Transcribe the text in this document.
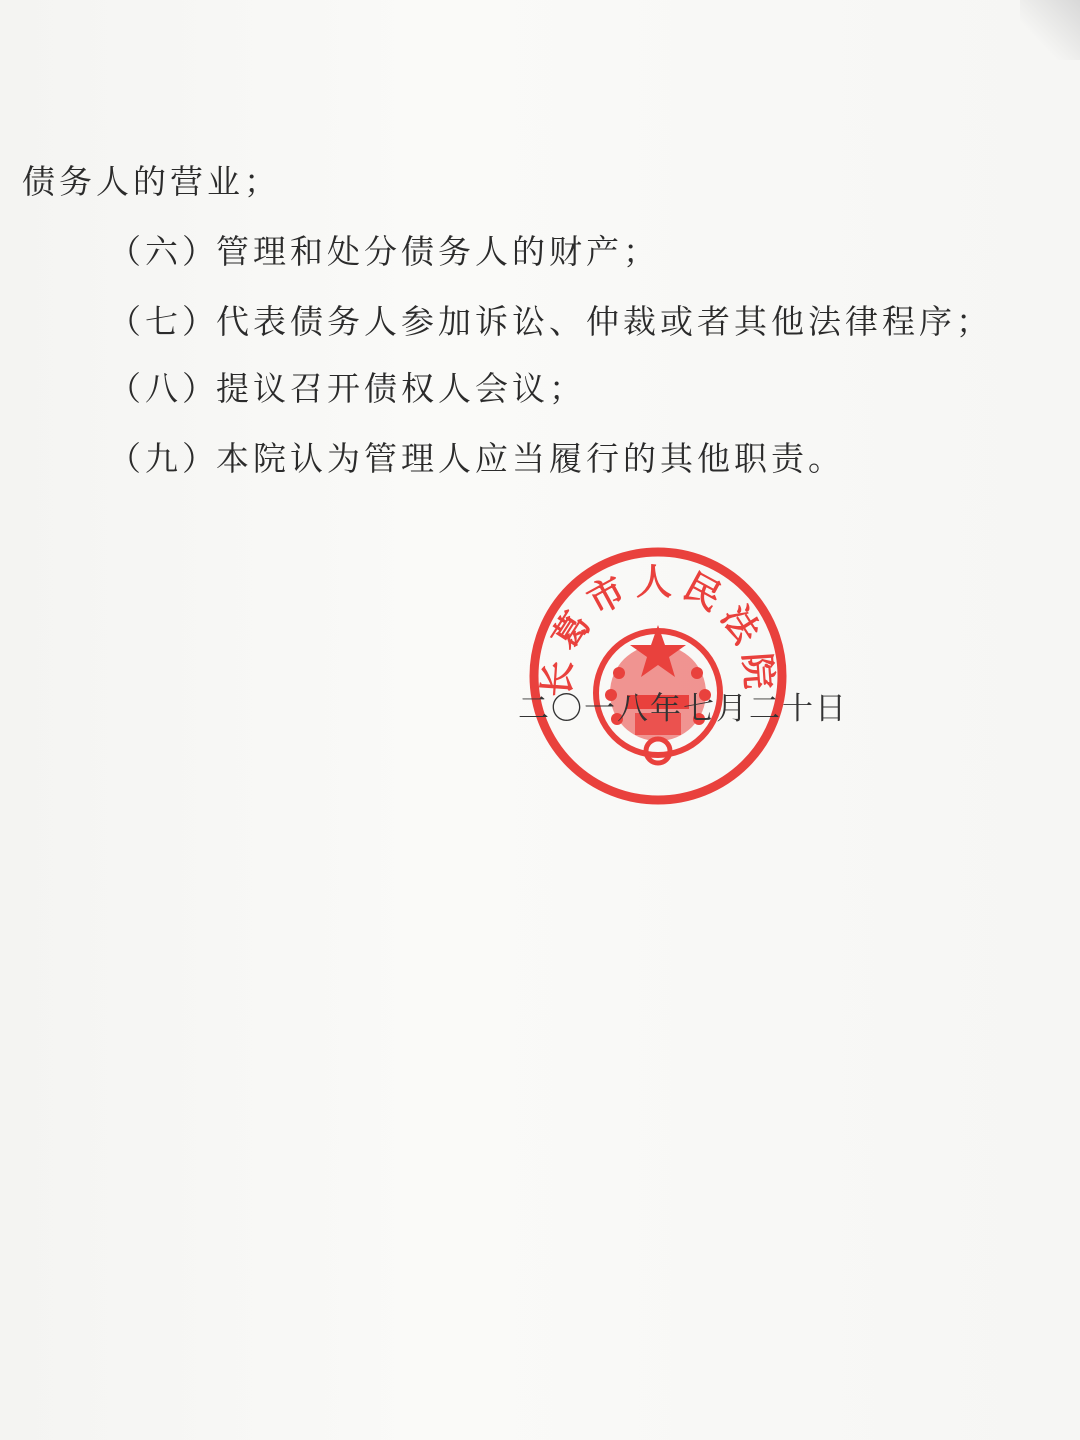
债务人的营业；
（六）管理和处分债务人的财产；
（七）代表债务人参加诉讼、仲裁或者其他法律程序；
（八）提议召开债权人会议；
（九）本院认为管理人应当履行的其他职责。
长葛市人民法院
二〇一八年七月二十日
